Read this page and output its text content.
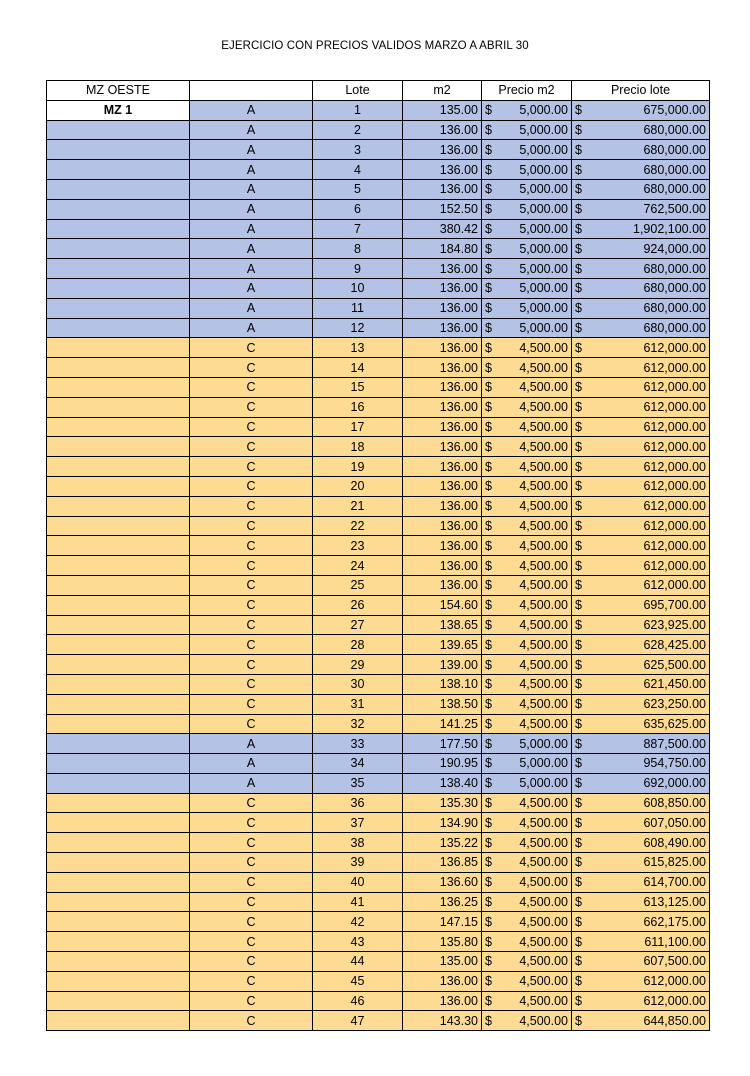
EJERCICIO CON PRECIOS VALIDOS MARZO A ABRIL 30
MZ OESTE		Lote	m2	Precio m2	Precio lote
MZ 1	A	1	135.00	$ 5,000.00	$ 675,000.00

	A	2	136.00	$ 5,000.00	$ 680,000.00

	A	3	136.00	$ 5,000.00	$ 680,000.00

	A	4	136.00	$ 5,000.00	$ 680,000.00

	A	5	136.00	$ 5,000.00	$ 680,000.00

	A	6	152.50	$ 5,000.00	$ 762,500.00

	A	7	380.42	$ 5,000.00	$ 1,902,100.00

	A	8	184.80	$ 5,000.00	$ 924,000.00

	A	9	136.00	$ 5,000.00	$ 680,000.00

	A	10	136.00	$ 5,000.00	$ 680,000.00

	A	11	136.00	$ 5,000.00	$ 680,000.00

	A	12	136.00	$ 5,000.00	$ 680,000.00

	C	13	136.00	$ 4,500.00	$ 612,000.00

	C	14	136.00	$ 4,500.00	$ 612,000.00

	C	15	136.00	$ 4,500.00	$ 612,000.00

	C	16	136.00	$ 4,500.00	$ 612,000.00

	C	17	136.00	$ 4,500.00	$ 612,000.00

	C	18	136.00	$ 4,500.00	$ 612,000.00

	C	19	136.00	$ 4,500.00	$ 612,000.00

	C	20	136.00	$ 4,500.00	$ 612,000.00

	C	21	136.00	$ 4,500.00	$ 612,000.00

	C	22	136.00	$ 4,500.00	$ 612,000.00

	C	23	136.00	$ 4,500.00	$ 612,000.00

	C	24	136.00	$ 4,500.00	$ 612,000.00

	C	25	136.00	$ 4,500.00	$ 612,000.00

	C	26	154.60	$ 4,500.00	$ 695,700.00

	C	27	138.65	$ 4,500.00	$ 623,925.00

	C	28	139.65	$ 4,500.00	$ 628,425.00

	C	29	139.00	$ 4,500.00	$ 625,500.00

	C	30	138.10	$ 4,500.00	$ 621,450.00

	C	31	138.50	$ 4,500.00	$ 623,250.00

	C	32	141.25	$ 4,500.00	$ 635,625.00

	A	33	177.50	$ 5,000.00	$ 887,500.00

	A	34	190.95	$ 5,000.00	$ 954,750.00

	A	35	138.40	$ 5,000.00	$ 692,000.00

	C	36	135.30	$ 4,500.00	$ 608,850.00

	C	37	134.90	$ 4,500.00	$ 607,050.00

	C	38	135.22	$ 4,500.00	$ 608,490.00

	C	39	136.85	$ 4,500.00	$ 615,825.00

	C	40	136.60	$ 4,500.00	$ 614,700.00

	C	41	136.25	$ 4,500.00	$ 613,125.00

	C	42	147.15	$ 4,500.00	$ 662,175.00

	C	43	135.80	$ 4,500.00	$ 611,100.00

	C	44	135.00	$ 4,500.00	$ 607,500.00

	C	45	136.00	$ 4,500.00	$ 612,000.00

	C	46	136.00	$ 4,500.00	$ 612,000.00

	C	47	143.30	$ 4,500.00	$ 644,850.00
